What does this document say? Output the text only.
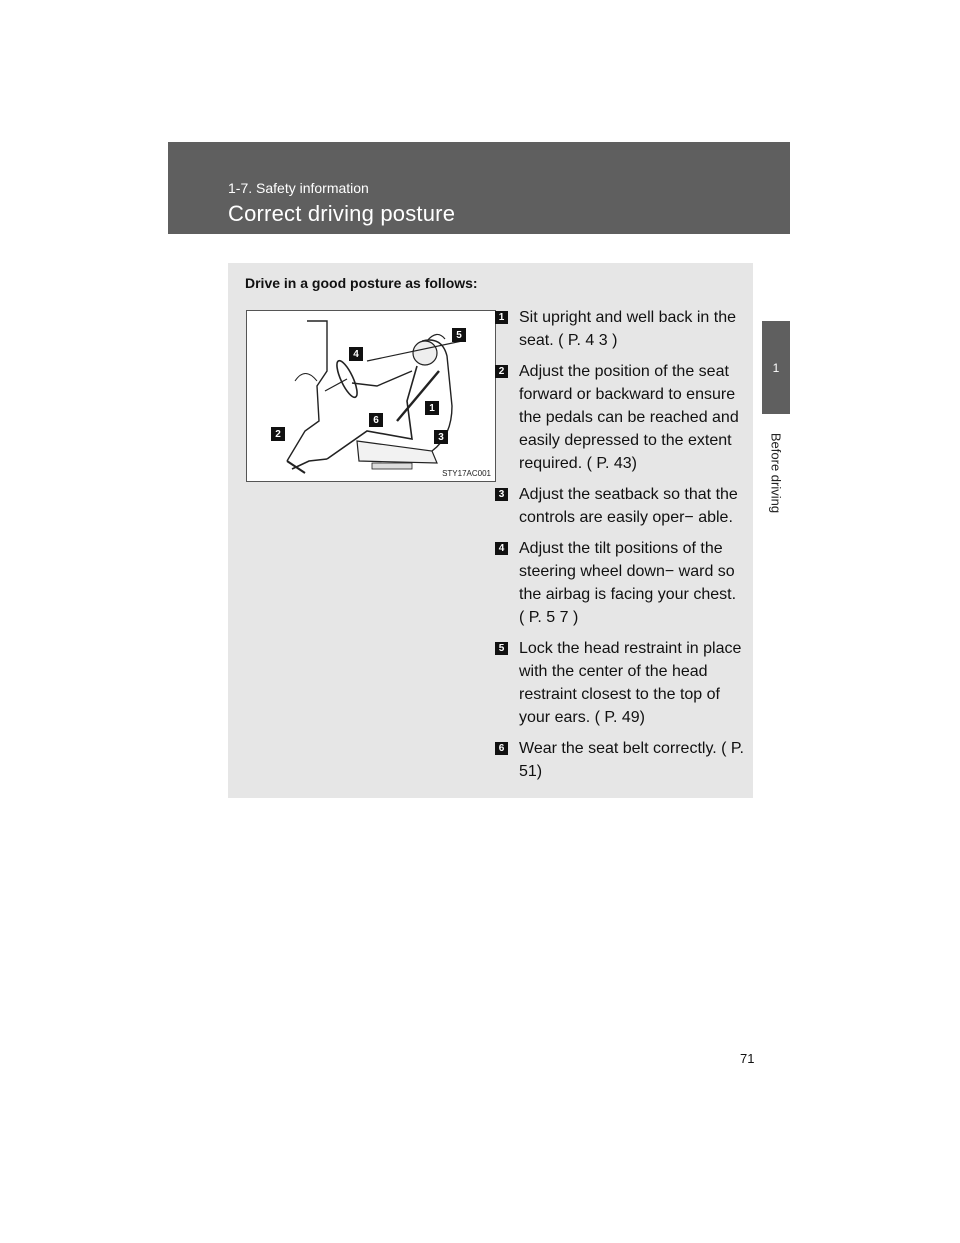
1-7. Safety information
Correct driving posture
1
Before driving
Drive in a good posture as follows:
5
4
1
6
2	3
STY17AC001
1 Sit upright and well back in the seat. ( P. 4 3 )
2 Adjust the position of the seat forward or backward to ensure the pedals can be reached and easily depressed to the extent required. ( P. 43)
3 Adjust the seatback so that the controls are easily oper− able.
4 Adjust the tilt positions of the steering wheel down− ward so the airbag is facing your chest. ( P. 5 7 )
5 Lock the head restraint in place with the center of the head restraint closest to the top of your ears. ( P. 49)
6 Wear the seat belt correctly. ( P. 51)
71
